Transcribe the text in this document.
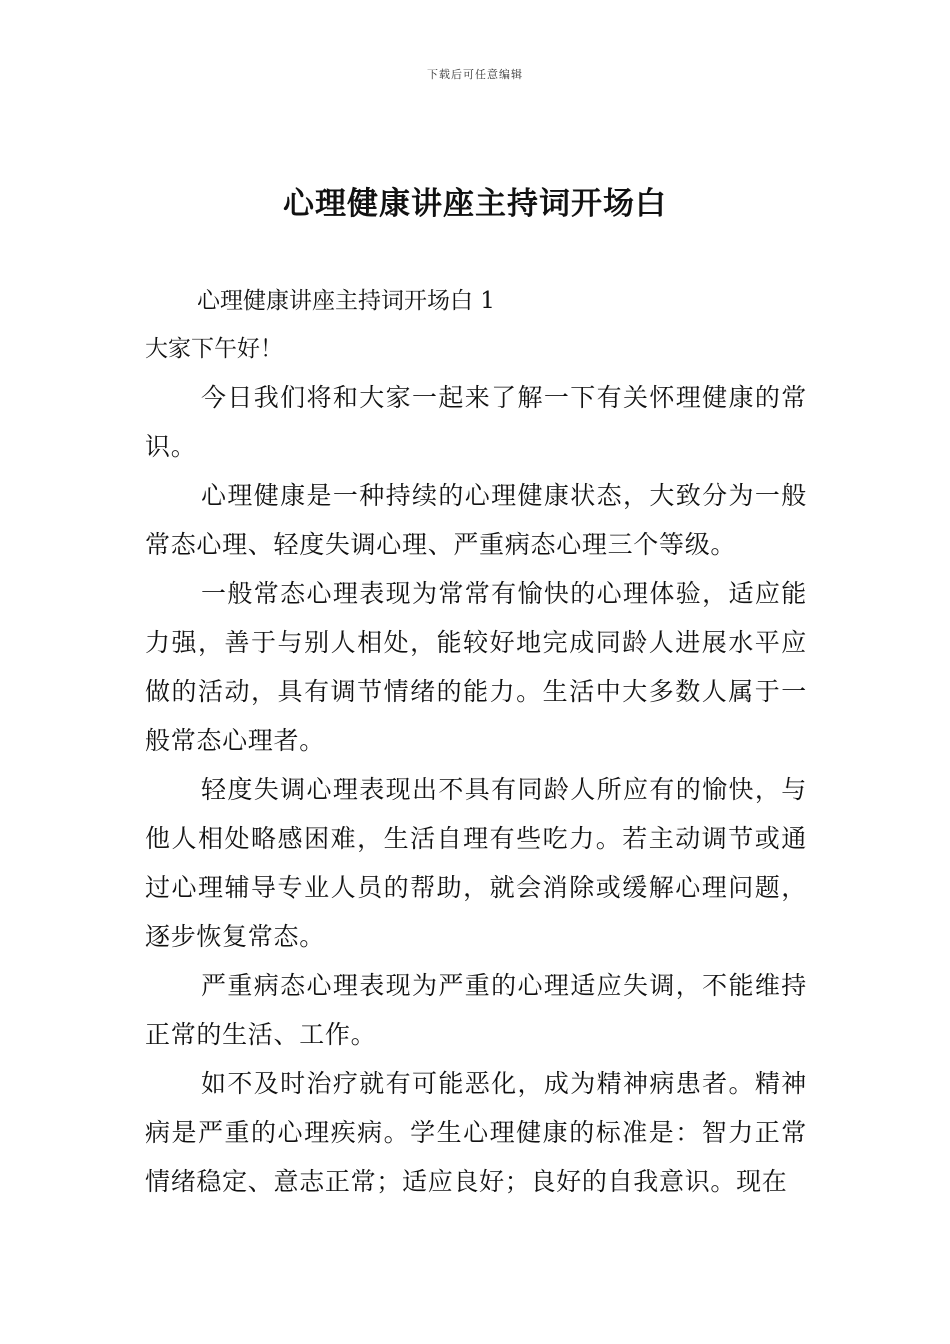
下载后可任意编辑
心理健康讲座主持词开场白

心理健康讲座主持词开场白 1

大家下午好！

今日我们将和大家一起来了解一下有关怀理健康的常识。

心理健康是一种持续的心理健康状态，大致分为一般常态心理、轻度失调心理、严重病态心理三个等级。

一般常态心理表现为常常有愉快的心理体验，适应能力强，善于与别人相处，能较好地完成同龄人进展水平应做的活动，具有调节情绪的能力。生活中大多数人属于一般常态心理者。

轻度失调心理表现出不具有同龄人所应有的愉快，与他人相处略感困难，生活自理有些吃力。若主动调节或通过心理辅导专业人员的帮助，就会消除或缓解心理问题，逐步恢复常态。

严重病态心理表现为严重的心理适应失调，不能维持正常的生活、工作。

如不及时治疗就有可能恶化，成为精神病患者。精神病是严重的心理疾病。学生心理健康的标准是：智力正常情绪稳定、意志正常；适应良好；良好的自我意识。现在
